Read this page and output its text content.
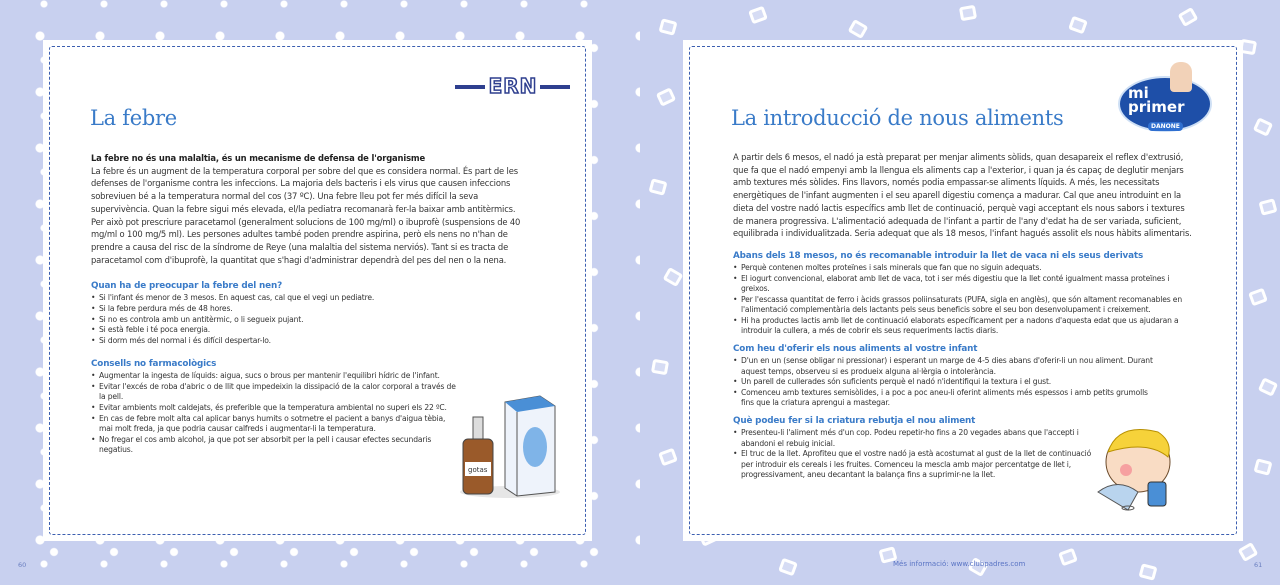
ERN
La febre
La febre no és una malaltia, és un mecanisme de defensa de l'organisme
La febre és un augment de la temperatura corporal per sobre del que es considera normal. És part de les defenses de l'organisme contra les infeccions. La majoria dels bacteris i els virus que causen infeccions sobreviuen bé a la temperatura normal del cos (37 ºC). Una febre lleu pot fer més difícil la seva supervivència. Quan la febre sigui més elevada, el/la pediatra recomanarà fer-la baixar amb antitèrmics. Per això pot prescriure paracetamol (generalment solucions de 100 mg/ml) o ibuprofè (suspensions de 40 mg/ml o 100 mg/5 ml). Les persones adultes també poden prendre aspirina, però els nens no n'han de prendre a causa del risc de la síndrome de Reye (una malaltia del sistema nerviós). Tant si es tracta de paracetamol com d'ibuprofè, la quantitat que s'hagi d'administrar dependrà del pes del nen o la nena.
Quan ha de preocupar la febre del nen?
• Si l'infant és menor de 3 mesos. En aquest cas, cal que el vegi un pediatre.
• Si la febre perdura més de 48 hores.
• Si no es controla amb un antitèrmic, o li segueix pujant.
• Si està feble i té poca energia.
• Si dorm més del normal i és difícil despertar-lo.
Consells no farmacològics
• Augmentar la ingesta de líquids: aigua, sucs o brous per mantenir l'equilibri hídric de l'infant.
• Evitar l'excés de roba d'abric o de llit que impedeixin la dissipació de la calor corporal a través de la pell.
• Evitar ambients molt caldejats, és preferible que la temperatura ambiental no superi els 22 ºC.
• En cas de febre molt alta cal aplicar banys humits o sotmetre el pacient a banys d'aigua tèbia, mai molt freda, ja que podria causar calfreds i augmentar-li la temperatura.
• No fregar el cos amb alcohol, ja que pot ser absorbit per la pell i causar efectes secundaris negatius.
gotas
60
mi primer
DANONE
La introducció de nous aliments
A partir dels 6 mesos, el nadó ja està preparat per menjar aliments sòlids, quan desapareix el reflex d'extrusió, que fa que el nadó empenyi amb la llengua els aliments cap a l'exterior, i quan ja és capaç de deglutir menjars amb textures més sòlides. Fins llavors, només podia empassar-se aliments líquids. A més, les necessitats energètiques de l'infant augmenten i el seu aparell digestiu comença a madurar. Cal que aneu introduint en la dieta del vostre nadó lactis específics amb llet de continuació, perquè vagi acceptant els nous sabors i textures de manera progressiva. L'alimentació adequada de l'infant a partir de l'any d'edat ha de ser variada, suficient, equilibrada i individualitzada. Seria adequat que als 18 mesos, l'infant hagués assolit els nous hàbits alimentaris.
Abans dels 18 mesos, no és recomanable introduir la llet de vaca ni els seus derivats
• Perquè contenen moltes proteïnes i sals minerals que fan que no siguin adequats.
• El iogurt convencional, elaborat amb llet de vaca, tot i ser més digestiu que la llet conté igualment massa proteïnes i greixos.
• Per l'escassa quantitat de ferro i àcids grassos poliinsaturats (PUFA, sigla en anglès), que són altament recomanables en l'alimentació complementària dels lactants pels seus beneficis sobre el seu bon desenvolupament i creixement.
• Hi ha productes lactis amb llet de continuació elaborats específicament per a nadons d'aquesta edat que us ajudaran a introduir la cullera, a més de cobrir els seus requeriments lactis diaris.
Com heu d'oferir els nous aliments al vostre infant
• D'un en un (sense obligar ni pressionar) i esperant un marge de 4-5 dies abans d'oferir-li un nou aliment. Durant aquest temps, observeu si es produeix alguna al·lèrgia o intolerància.
• Un parell de cullerades són suficients perquè el nadó n'identifiqui la textura i el gust.
• Comenceu amb textures semisòlides, i a poc a poc aneu-li oferint aliments més espessos i amb petits grumolls fins que la criatura aprengui a mastegar.
Què podeu fer si la criatura rebutja el nou aliment
• Presenteu-li l'aliment més d'un cop. Podeu repetir-ho fins a 20 vegades abans que l'accepti i abandoni el rebuig inicial.
• El truc de la llet. Aprofiteu que el vostre nadó ja està acostumat al gust de la llet de continuació per introduir els cereals i les fruites. Comenceu la mescla amb major percentatge de llet i, progressivament, aneu decantant la balança fins a suprimir-ne la llet.
Més informació: www.clubpadres.com	61
